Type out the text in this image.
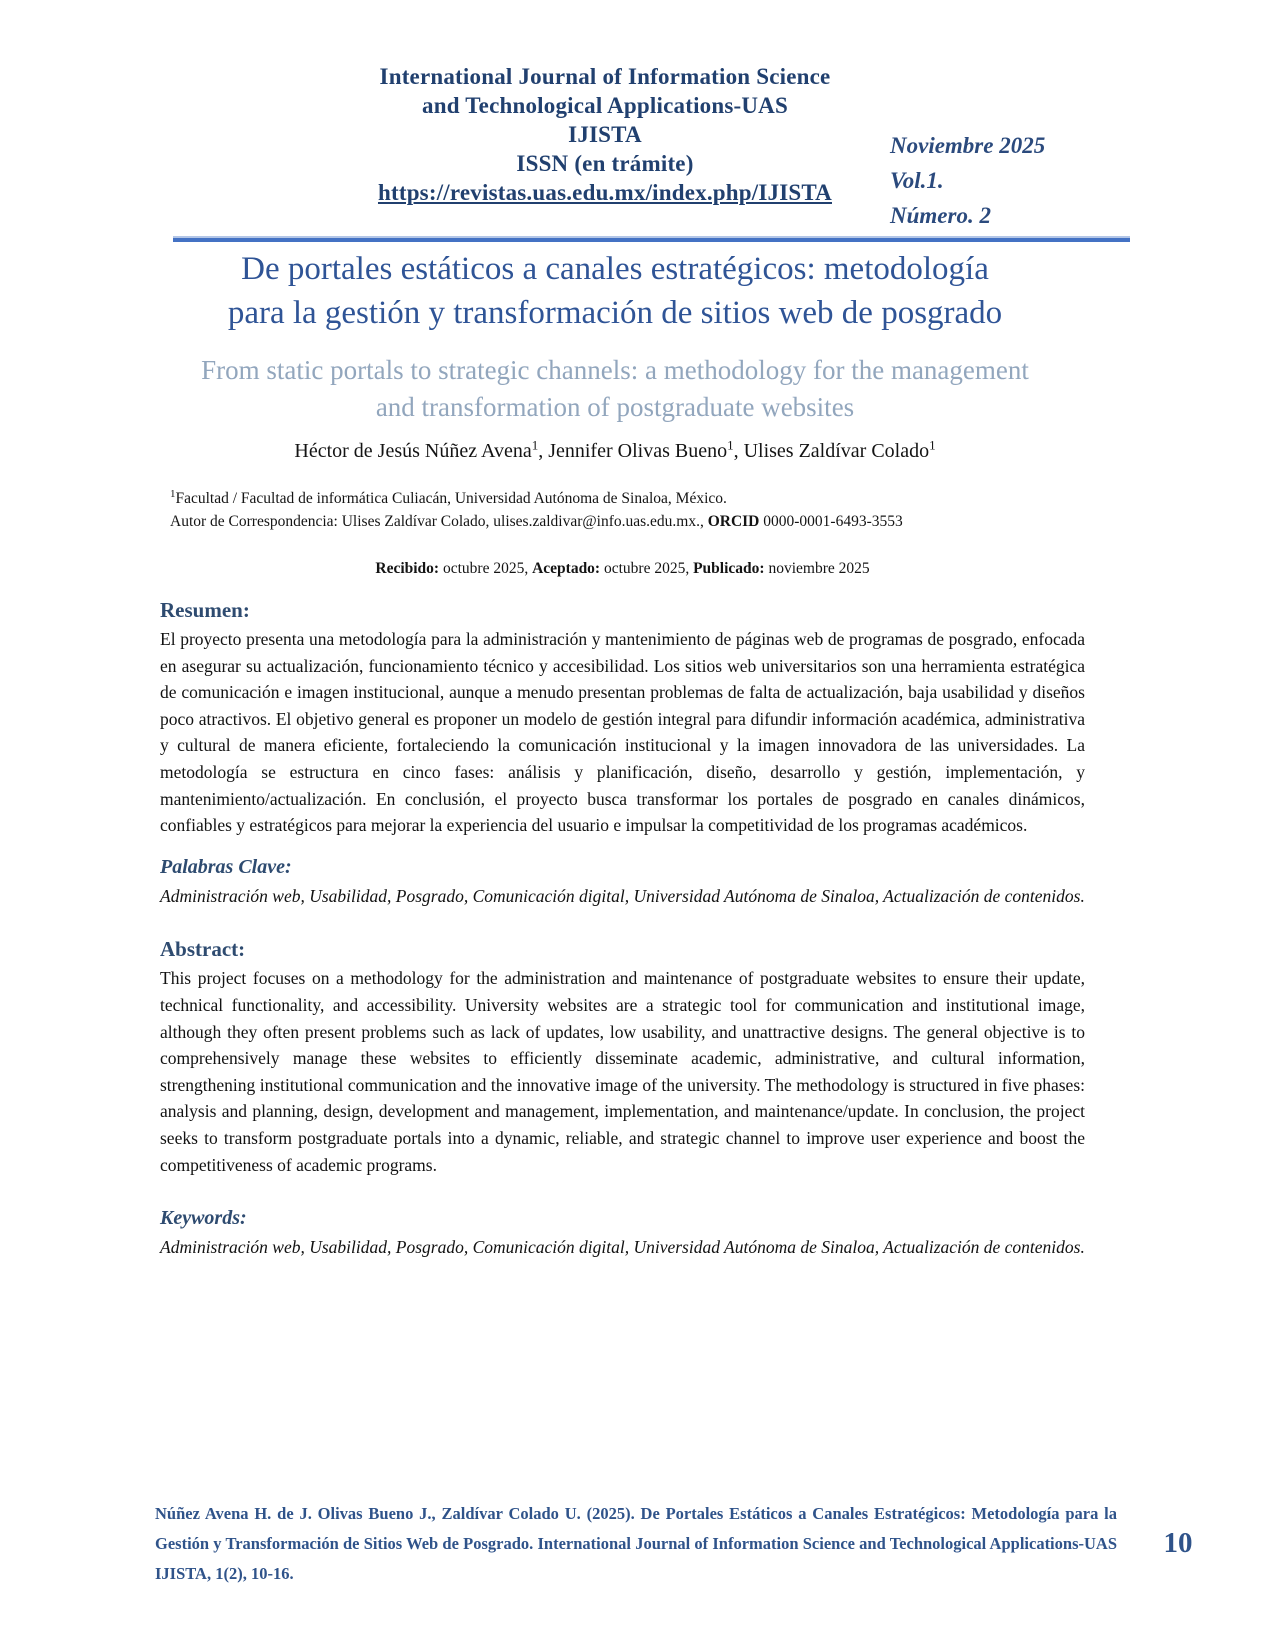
International Journal of Information Science
and Technological Applications-UAS
IJISTA
ISSN (en trámite)
https://revistas.uas.edu.mx/index.php/IJISTA
Noviembre 2025
Vol.1.
Número. 2
De portales estáticos a canales estratégicos: metodología
para la gestión y transformación de sitios web de posgrado
From static portals to strategic channels: a methodology for the management
and transformation of postgraduate websites
Héctor de Jesús Núñez Avena$^1$, Jennifer Olivas Bueno$^1$, Ulises Zaldívar Colado$^1$
$^1$Facultad / Facultad de informática Culiacán, Universidad Autónoma de Sinaloa, México.
Autor de Correspondencia: Ulises Zaldívar Colado, ulises.zaldivar@info.uas.edu.mx., ORCID 0000-0001-6493-3553
Recibido: octubre 2025, Aceptado: octubre 2025, Publicado: noviembre 2025
Resumen:
El proyecto presenta una metodología para la administración y mantenimiento de páginas web de programas de posgrado, enfocada en asegurar su actualización, funcionamiento técnico y accesibilidad. Los sitios web universitarios son una herramienta estratégica de comunicación e imagen institucional, aunque a menudo presentan problemas de falta de actualización, baja usabilidad y diseños poco atractivos. El objetivo general es proponer un modelo de gestión integral para difundir información académica, administrativa y cultural de manera eficiente, fortaleciendo la comunicación institucional y la imagen innovadora de las universidades. La metodología se estructura en cinco fases: análisis y planificación, diseño, desarrollo y gestión, implementación, y mantenimiento/actualización. En conclusión, el proyecto busca transformar los portales de posgrado en canales dinámicos, confiables y estratégicos para mejorar la experiencia del usuario e impulsar la competitividad de los programas académicos.
Palabras Clave:
Administración web, Usabilidad, Posgrado, Comunicación digital, Universidad Autónoma de Sinaloa, Actualización de contenidos.
Abstract:
This project focuses on a methodology for the administration and maintenance of postgraduate websites to ensure their update, technical functionality, and accessibility. University websites are a strategic tool for communication and institutional image, although they often present problems such as lack of updates, low usability, and unattractive designs. The general objective is to comprehensively manage these websites to efficiently disseminate academic, administrative, and cultural information, strengthening institutional communication and the innovative image of the university. The methodology is structured in five phases: analysis and planning, design, development and management, implementation, and maintenance/update. In conclusion, the project seeks to transform postgraduate portals into a dynamic, reliable, and strategic channel to improve user experience and boost the competitiveness of academic programs.
Keywords:
Administración web, Usabilidad, Posgrado, Comunicación digital, Universidad Autónoma de Sinaloa, Actualización de contenidos.
Núñez Avena H. de J. Olivas Bueno J., Zaldívar Colado U. (2025). De Portales Estáticos a Canales Estratégicos: Metodología para la Gestión y Transformación de Sitios Web de Posgrado. International Journal of Information Science and Technological Applications-UAS IJISTA, 1(2), 10-16.
10
